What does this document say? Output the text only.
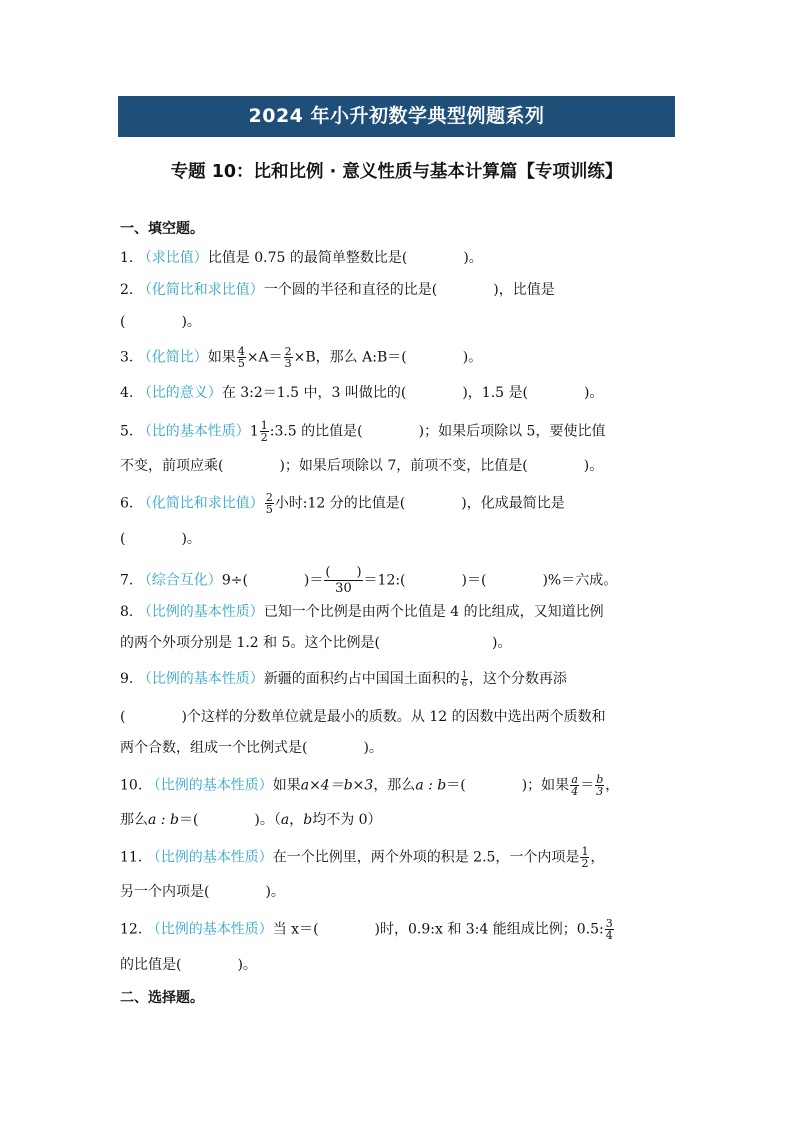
2024 年小升初数学典型例题系列
专题 10：比和比例 · 意义性质与基本计算篇【专项训练】
一、填空题。
1. （求比值）比值是 0.75 的最简单整数比是(　　　　)。
2. （化简比和求比值）一个圆的半径和直径的比是(　　　　)，比值是
(　　　　)。
3. （化简比）如果 $\frac{4}{5} \times A= \frac{2}{3} \times B$，那么 A:B＝(　　　　)。
4. （比的意义）在 3:2＝1.5 中，3 叫做比的(　　　　)，1.5 是(　　　　)。
5. （比的基本性质）$1 \frac{1}{2}$ :3.5 的比值是(　　　　)；如果后项除以 5，要使比值
不变，前项应乘(　　　　)；如果后项除以 7，前项不变，比值是(　　　　)。
6. （化简比和求比值） $\frac{2}{5}$ 小时:12 分的比值是(　　　　)，化成最简比是
(　　　　)。
7. （综合互化）9÷(　　　　)＝ (　　)
30 ＝12:(　　　　)＝(　　　　)%＝六成。
8. （比例的基本性质）已知一个比例是由两个比值是 4 的比组成，又知道比例
的两个外项分别是 1.2 和 5。这个比例是(　　　　　　　　)。
9. （比例的基本性质）新疆的面积约占中国国土面积的 $\frac{1}{6}$ ，这个分数再添
(　　　　)个这样的分数单位就是最小的质数。从 12 的因数中选出两个质数和
两个合数，组成一个比例式是(　　　　)。
10. （比例的基本性质）如果a×4＝b×3，那么a : b＝(　　　　)；如果 $\frac{a}{4} = \frac{b}{3}$ ，
那么a : b＝(　　　　)。（a，b均不为 0）
11. （比例的基本性质）在一个比例里，两个外项的积是 2.5，一个内项是 $\frac{1}{2}$ ，
另一个内项是(　　　　)。
12. （比例的基本性质）当 x＝(　　　　)时，0.9:x 和 3:4 能组成比例；0.5: $\frac{3}{4}$
的比值是(　　　　)。
二、选择题。
